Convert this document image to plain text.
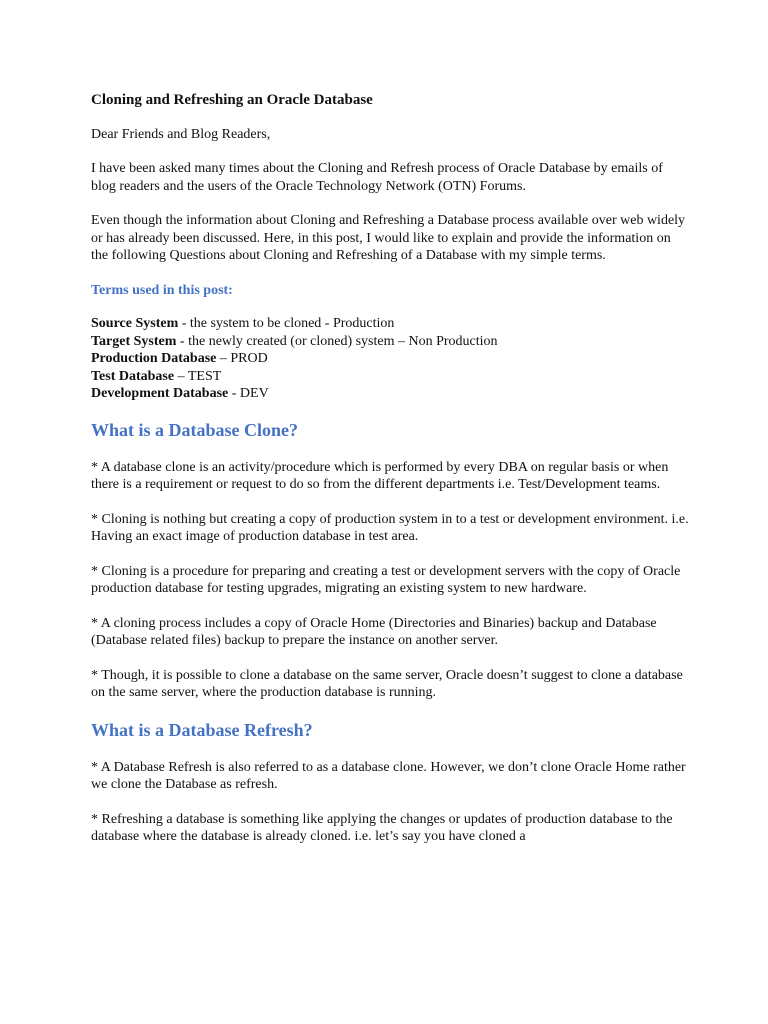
Cloning and Refreshing an Oracle Database

Dear Friends and Blog Readers,

I have been asked many times about the Cloning and Refresh process of Oracle Database by emails of blog readers and the users of the Oracle Technology Network (OTN) Forums.

Even though the information about Cloning and Refreshing a Database process available over web widely or has already been discussed. Here, in this post, I would like to explain and provide the information on the following Questions about Cloning and Refreshing of a Database with my simple terms.

Terms used in this post:
Source System - the system to be cloned - Production
Target System - the newly created (or cloned) system – Non Production
Production Database – PROD
Test Database – TEST
Development Database - DEV
What is a Database Clone?

* A database clone is an activity/procedure which is performed by every DBA on regular basis or when there is a requirement or request to do so from the different departments i.e. Test/Development teams.

* Cloning is nothing but creating a copy of production system in to a test or development environment. i.e. Having an exact image of production database in test area.

* Cloning is a procedure for preparing and creating a test or development servers with the copy of Oracle production database for testing upgrades, migrating an existing system to new hardware.

* A cloning process includes a copy of Oracle Home (Directories and Binaries) backup and Database (Database related files) backup to prepare the instance on another server.

* Though, it is possible to clone a database on the same server, Oracle doesn’t suggest to clone a database on the same server, where the production database is running.

What is a Database Refresh?

* A Database Refresh is also referred to as a database clone. However, we don’t clone Oracle Home rather we clone the Database as refresh.

* Refreshing a database is something like applying the changes or updates of production database to the database where the database is already cloned. i.e. let’s say you have cloned a
